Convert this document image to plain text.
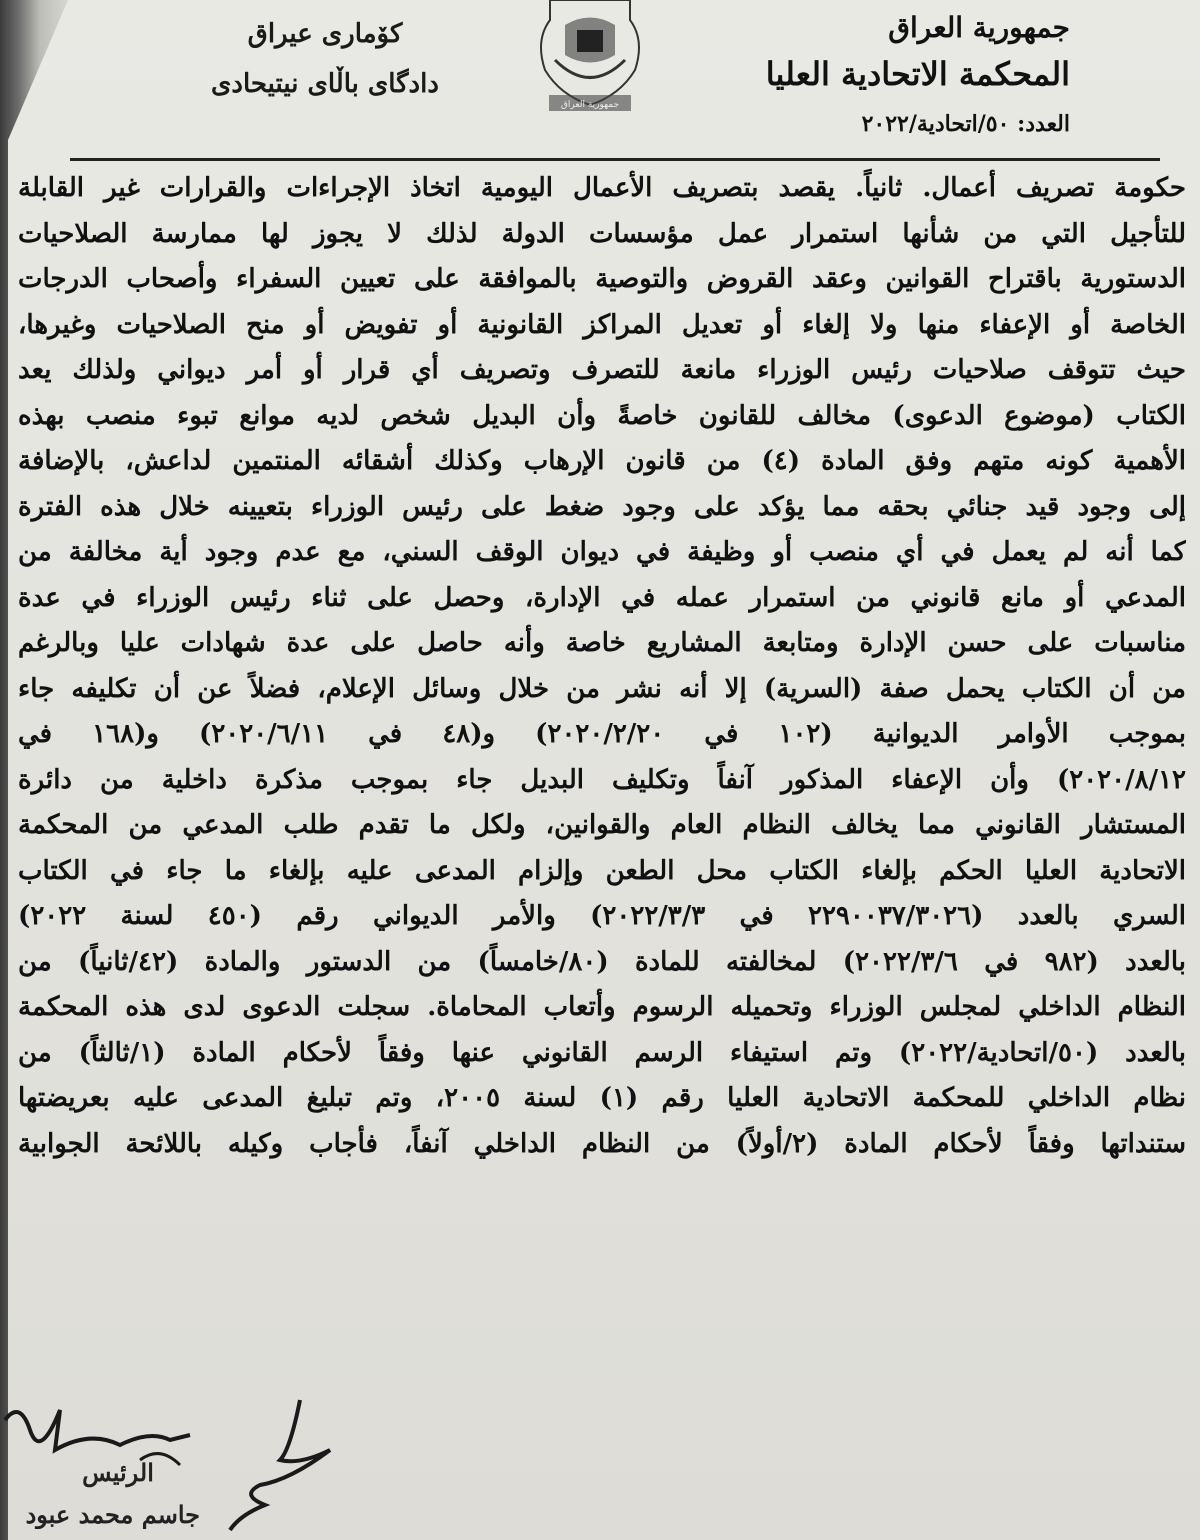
جمهورية العراق
المحكمة الاتحادية العليا
العدد: ٥٠/اتحادية/٢٠٢٢
جمهورية العراق
كۆماری عیراق
دادگای باڵای نیتیحادی
حكومة تصريف أعمال. ثانياً. يقصد بتصريف الأعمال اليومية اتخاذ الإجراءات والقرارات غير القابلة
للتأجيل التي من شأنها استمرار عمل مؤسسات الدولة لذلك لا يجوز لها ممارسة الصلاحيات
الدستورية باقتراح القوانين وعقد القروض والتوصية بالموافقة على تعيين السفراء وأصحاب الدرجات
الخاصة أو الإعفاء منها ولا إلغاء أو تعديل المراكز القانونية أو تفويض أو منح الصلاحيات وغيرها،
حيث تتوقف صلاحيات رئيس الوزراء مانعة للتصرف وتصريف أي قرار أو أمر ديواني ولذلك يعد
الكتاب (موضوع الدعوى) مخالف للقانون خاصةً وأن البديل شخص لديه موانع تبوء منصب بهذه
الأهمية كونه متهم وفق المادة (٤) من قانون الإرهاب وكذلك أشقائه المنتمين لداعش، بالإضافة
إلى وجود قيد جنائي بحقه مما يؤكد على وجود ضغط على رئيس الوزراء بتعيينه خلال هذه الفترة
كما أنه لم يعمل في أي منصب أو وظيفة في ديوان الوقف السني، مع عدم وجود أية مخالفة من
المدعي أو مانع قانوني من استمرار عمله في الإدارة، وحصل على ثناء رئيس الوزراء في عدة
مناسبات على حسن الإدارة ومتابعة المشاريع خاصة وأنه حاصل على عدة شهادات عليا وبالرغم
من أن الكتاب يحمل صفة (السرية) إلا أنه نشر من خلال وسائل الإعلام، فضلاً عن أن تكليفه جاء
بموجب الأوامر الديوانية (١٠٢ في ٢٠٢٠/٢/٢٠) و(٤٨ في ٢٠٢٠/٦/١١) و(١٦٨ في
٢٠٢٠/٨/١٢) وأن الإعفاء المذكور آنفاً وتكليف البديل جاء بموجب مذكرة داخلية من دائرة
المستشار القانوني مما يخالف النظام العام والقوانين، ولكل ما تقدم طلب المدعي من المحكمة
الاتحادية العليا الحكم بإلغاء الكتاب محل الطعن وإلزام المدعى عليه بإلغاء ما جاء في الكتاب
السري بالعدد (٢٢٩٠٠٣٧/٣٠٢٦ في ٢٠٢٢/٣/٣) والأمر الديواني رقم (٤٥٠ لسنة ٢٠٢٢)
بالعدد (٩٨٢ في ٢٠٢٢/٣/٦) لمخالفته للمادة (٨٠/خامساً) من الدستور والمادة (٤٢/ثانياً) من
النظام الداخلي لمجلس الوزراء وتحميله الرسوم وأتعاب المحاماة. سجلت الدعوى لدى هذه المحكمة
بالعدد (٥٠/اتحادية/٢٠٢٢) وتم استيفاء الرسم القانوني عنها وفقاً لأحكام المادة (١/ثالثاً) من
نظام الداخلي للمحكمة الاتحادية العليا رقم (١) لسنة ٢٠٠٥، وتم تبليغ المدعى عليه بعريضتها
ستنداتها وفقاً لأحكام المادة (٢/أولاً) من النظام الداخلي آنفاً، فأجاب وكيله باللائحة الجوابية
الرئيس
جاسم محمد عبود
